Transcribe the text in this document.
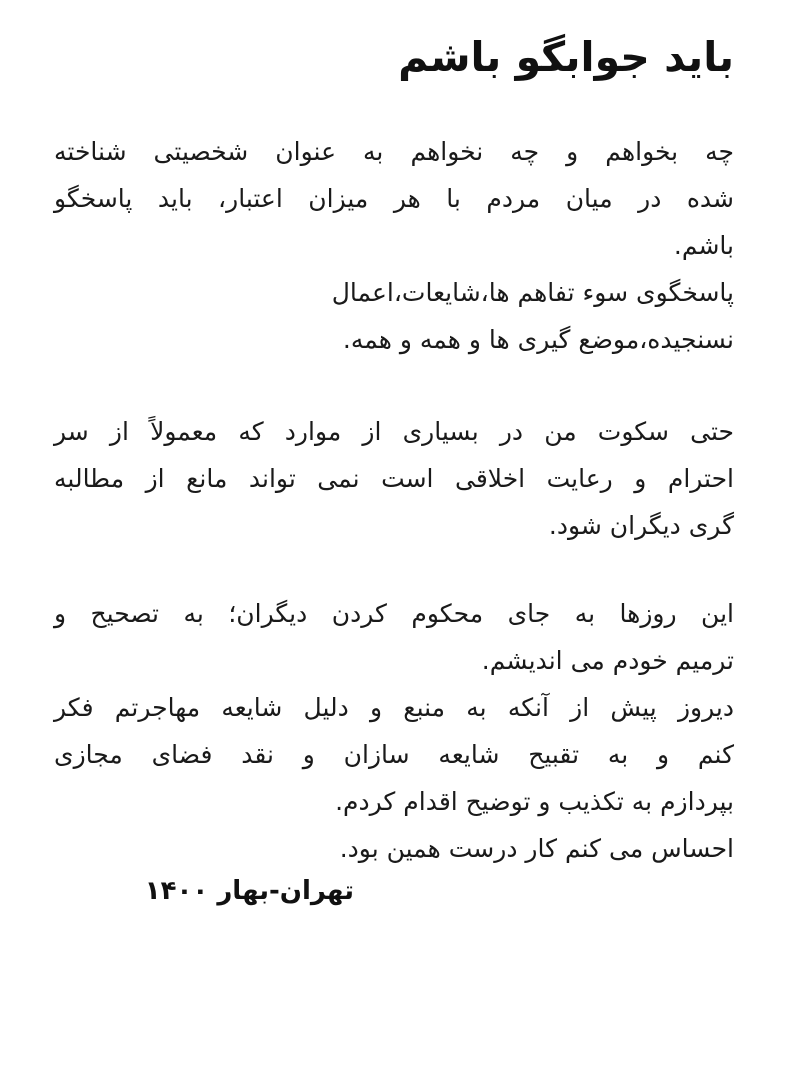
باید جوابگو باشم
چه بخواهم و چه نخواهم به عنوان شخصیتی شناخته
شده در میان مردم با هر میزان اعتبار، باید پاسخگو
باشم.
پاسخگوی سوء تفاهم ها،شایعات،اعمال
نسنجیده،موضع گیری ها و همه و همه.
حتی سکوت من در بسیاری از موارد که معمولاً از سر
احترام و رعایت اخلاقی است نمی تواند مانع از مطالبه
گری دیگران شود.
این روزها به جای محکوم کردن دیگران؛ به تصحیح و
ترمیم خودم می اندیشم.
دیروز پیش از آنکه به منبع و دلیل شایعه مهاجرتم فکر
کنم و به تقبیح شایعه سازان و نقد فضای مجازی
بپردازم به تکذیب و توضیح اقدام کردم.
احساس می کنم کار درست همین بود.
تهران-بهار ۱۴۰۰
